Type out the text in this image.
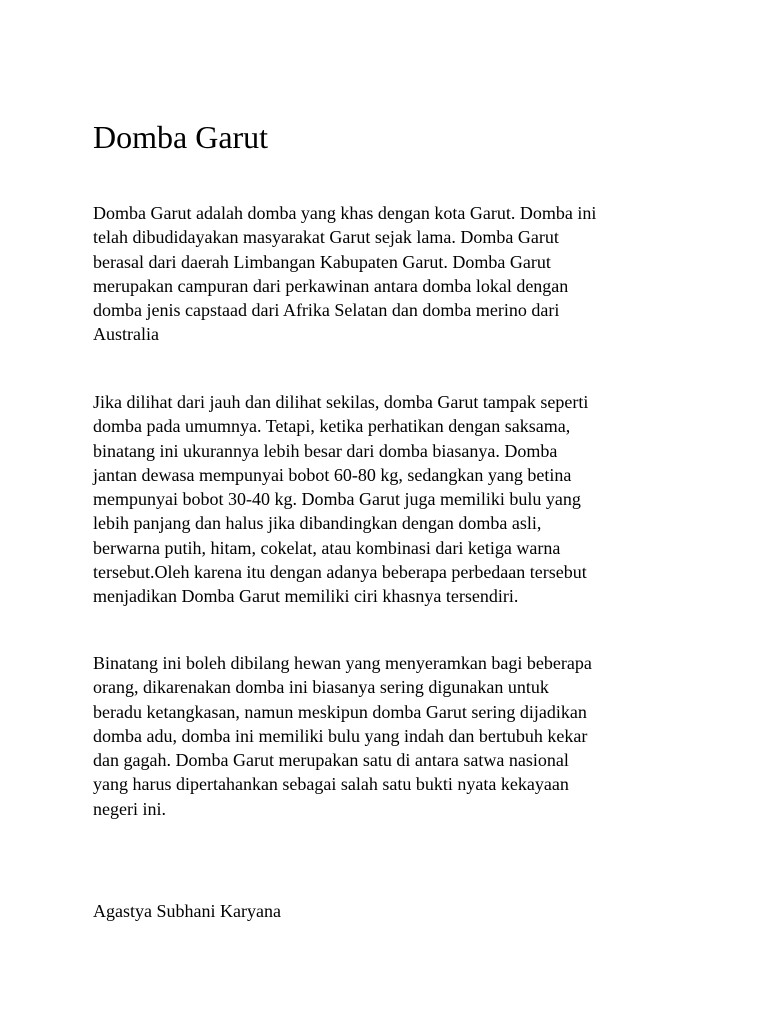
Domba Garut

Domba Garut adalah domba yang khas dengan kota Garut. Domba ini
telah dibudidayakan masyarakat Garut sejak lama. Domba Garut
berasal dari daerah Limbangan Kabupaten Garut. Domba Garut
merupakan campuran dari perkawinan antara domba lokal dengan
domba jenis capstaad dari Afrika Selatan dan domba merino dari
Australia

Jika dilihat dari jauh dan dilihat sekilas, domba Garut tampak seperti
domba pada umumnya. Tetapi, ketika perhatikan dengan saksama,
binatang ini ukurannya lebih besar dari domba biasanya. Domba
jantan dewasa mempunyai bobot 60-80 kg, sedangkan yang betina
mempunyai bobot 30-40 kg. Domba Garut juga memiliki bulu yang
lebih panjang dan halus jika dibandingkan dengan domba asli,
berwarna putih, hitam, cokelat, atau kombinasi dari ketiga warna
tersebut.Oleh karena itu dengan adanya beberapa perbedaan tersebut
menjadikan Domba Garut memiliki ciri khasnya tersendiri.

Binatang ini boleh dibilang hewan yang menyeramkan bagi beberapa
orang, dikarenakan domba ini biasanya sering digunakan untuk
beradu ketangkasan, namun meskipun domba Garut sering dijadikan
domba adu, domba ini memiliki bulu yang indah dan bertubuh kekar
dan gagah. Domba Garut merupakan satu di antara satwa nasional
yang harus dipertahankan sebagai salah satu bukti nyata kekayaan
negeri ini.

Agastya Subhani Karyana
